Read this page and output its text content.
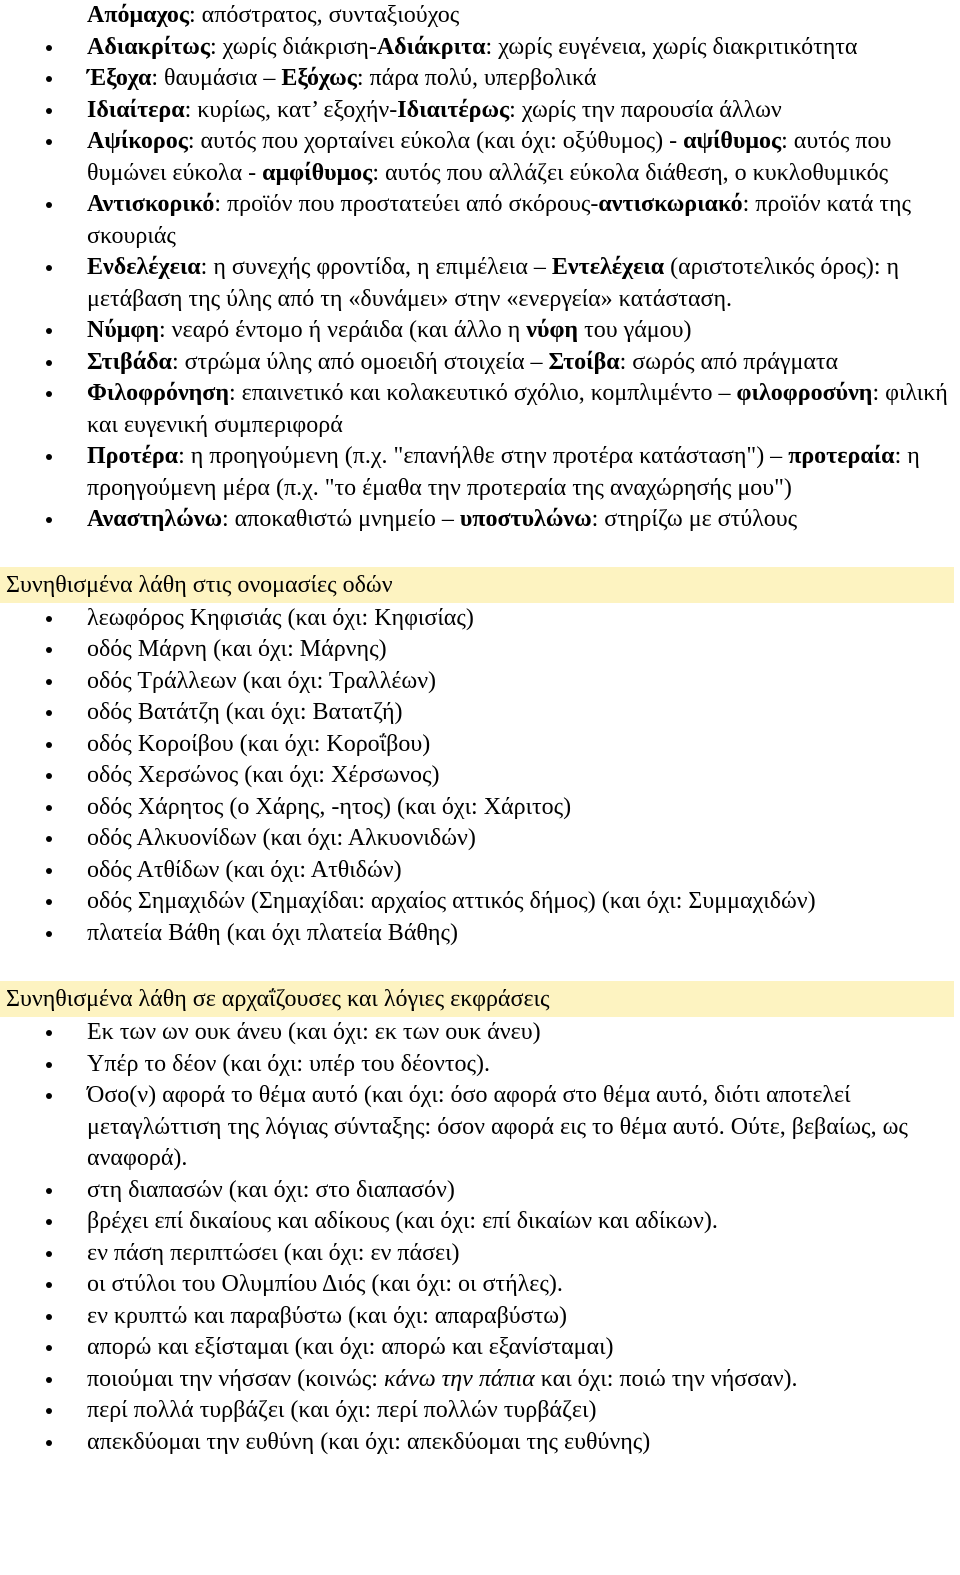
Απόμαχος: απόστρατος, συνταξιούχος
Αδιακρίτως: χωρίς διάκριση-Αδιάκριτα: χωρίς ευγένεια, χωρίς διακριτικότητα
Έξοχα: θαυμάσια – Εξόχως: πάρα πολύ, υπερβολικά
Ιδιαίτερα: κυρίως, κατ’ εξοχήν-Ιδιαιτέρως: χωρίς την παρουσία άλλων
Αψίκορος: αυτός που χορταίνει εύκολα (και όχι: οξύθυμος) - αψίθυμος: αυτός που θυμώνει εύκολα - αμφίθυμος: αυτός που αλλάζει εύκολα διάθεση, ο κυκλοθυμικός
Αντισκορικό: προϊόν που προστατεύει από σκόρους-αντισκωριακό: προϊόν κατά της σκουριάς
Ενδελέχεια: η συνεχής φροντίδα, η επιμέλεια – Εντελέχεια (αριστοτελικός όρος): η μετάβαση της ύλης από τη «δυνάμει» στην «ενεργεία» κατάσταση.
Νύμφη: νεαρό έντομο ή νεράιδα (και άλλο η νύφη του γάμου)
Στιβάδα: στρώμα ύλης από ομοειδή στοιχεία – Στοίβα: σωρός από πράγματα
Φιλοφρόνηση: επαινετικό και κολακευτικό σχόλιο, κομπλιμέντο – φιλοφροσύνη: φιλική και ευγενική συμπεριφορά
Προτέρα: η προηγούμενη (π.χ. "επανήλθε στην προτέρα κατάσταση") – προτεραία: η προηγούμενη μέρα (π.χ. "το έμαθα την προτεραία της αναχώρησής μου")
Αναστηλώνω: αποκαθιστώ μνημείο – υποστυλώνω: στηρίζω με στύλους
Συνηθισμένα λάθη στις ονομασίες οδών
λεωφόρος Κηφισιάς (και όχι: Κηφισίας)
οδός Μάρνη (και όχι: Μάρνης)
οδός Τράλλεων (και όχι: Τραλλέων)
οδός Βατάτζη (και όχι: Βατατζή)
οδός Κοροίβου (και όχι: Κοροΐβου)
οδός Χερσώνος (και όχι: Χέρσωνος)
οδός Χάρητος (ο Χάρης, -ητος) (και όχι: Χάριτος)
οδός Αλκυονίδων (και όχι: Αλκυονιδών)
οδός Ατθίδων (και όχι: Ατθιδών)
οδός Σημαχιδών (Σημαχίδαι: αρχαίος αττικός δήμος) (και όχι: Συμμαχιδών)
πλατεία Βάθη (και όχι πλατεία Βάθης)
Συνηθισμένα λάθη σε αρχαΐζουσες και λόγιες εκφράσεις
Εκ των ων ουκ άνευ (και όχι: εκ των ουκ άνευ)
Υπέρ το δέον (και όχι: υπέρ του δέοντος).
Όσο(ν) αφορά το θέμα αυτό (και όχι: όσο αφορά στο θέμα αυτό, διότι αποτελεί μεταγλώττιση της λόγιας σύνταξης: όσον αφορά εις το θέμα αυτό. Ούτε, βεβαίως, ως αναφορά).
στη διαπασών (και όχι: στο διαπασόν)
βρέχει επί δικαίους και αδίκους (και όχι: επί δικαίων και αδίκων).
εν πάση περιπτώσει (και όχι: εν πάσει)
οι στύλοι του Ολυμπίου Διός (και όχι: οι στήλες).
εν κρυπτώ και παραβύστω (και όχι: απαραβύστω)
απορώ και εξίσταμαι (και όχι: απορώ και εξανίσταμαι)
ποιούμαι την νήσσαν (κοινώς: κάνω την πάπια και όχι: ποιώ την νήσσαν).
περί πολλά τυρβάζει (και όχι: περί πολλών τυρβάζει)
απεκδύομαι την ευθύνη (και όχι: απεκδύομαι της ευθύνης)
